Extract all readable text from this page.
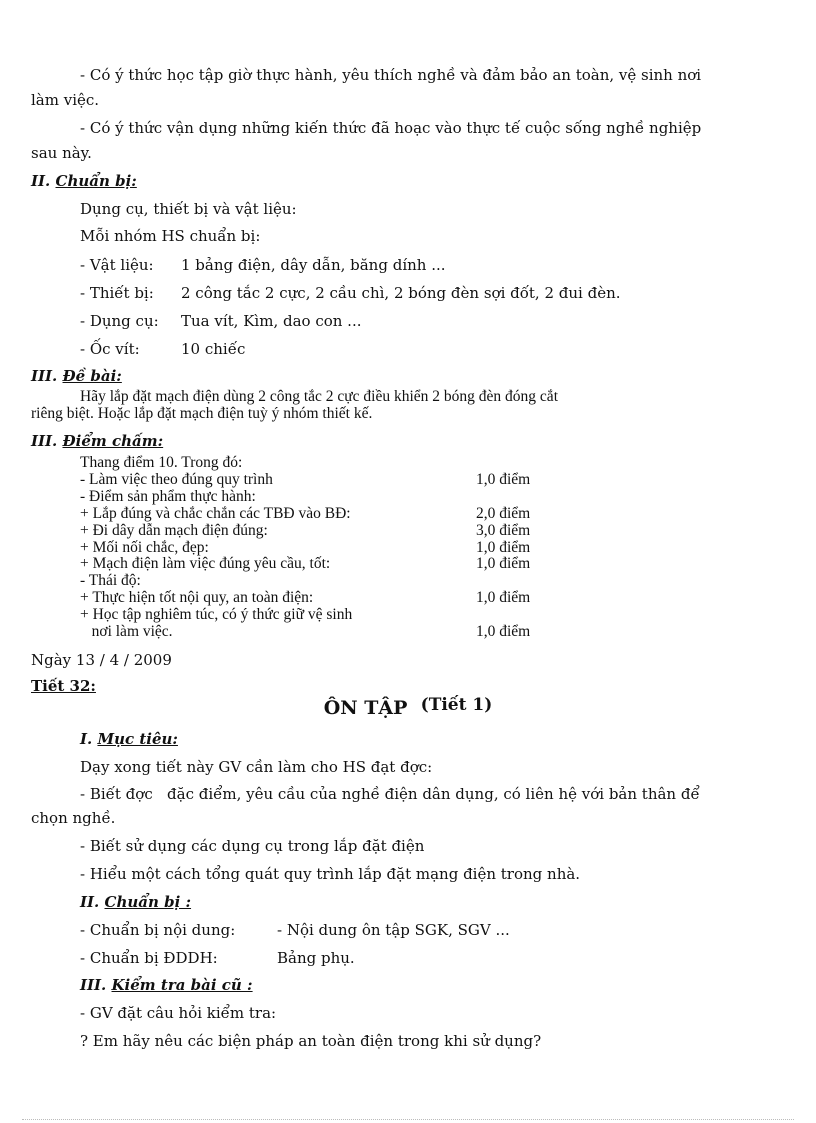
- Có ý thức học tập giờ thực hành, yêu thích nghề và đảm bảo an toàn, vệ sinh nơi
làm việc.
- Có ý thức vận dụng những kiến thức đã hoạc vào thực tế cuộc sống nghề nghiệp
sau này.
II. Chuẩn bị:
Dụng cụ, thiết bị và vật liệu:
Mỗi nhóm HS chuẩn bị:
- Vật liệu: 1 bảng điện, dây dẫn, băng dính ...
- Thiết bị: 2 công tắc 2 cực, 2 cầu chì, 2 bóng đèn sợi đốt, 2 đui đèn.
- Dụng cụ: Tua vít, Kìm, dao con ...
- Ốc vít:	10 chiếc
III. Đề bài:
Hãy lắp đặt mạch điện dùng 2 công tắc 2 cực điều khiển 2 bóng đèn đóng cắt
riêng biệt. Hoặc lắp đặt mạch điện tuỳ ý nhóm thiết kế.
III. Điểm chấm:
Thang điểm 10. Trong đó:
- Làm việc theo đúng quy trình	1,0 điểm
- Điểm sản phẩm thực hành:
+ Lắp đúng và chắc chắn các TBĐ vào BĐ:	2,0 điểm
+ Đi dây dẫn mạch điện đúng:	3,0 điểm
+ Mối nối chắc, đẹp:	1,0 điểm
+ Mạch điện làm việc đúng yêu cầu, tốt:	1,0 điểm
- Thái độ:
+ Thực hiện tốt nội quy, an toàn điện:	1,0 điểm
+ Học tập nghiêm túc, có ý thức giữ vệ sinh
nơi làm việc.	1,0 điểm
Ngày 13 / 4 / 2009
Tiết 32:
ÔN TẬP (Tiết 1)
I. Mục tiêu:
Dạy xong tiết này GV cần làm cho HS đạt đợc:
- Biết đợc   đặc điểm, yêu cầu của nghề điện dân dụng, có liên hệ với bản thân để
chọn nghề.
- Biết sử dụng các dụng cụ trong lắp đặt điện
- Hiểu một cách tổng quát quy trình lắp đặt mạng điện trong nhà.
II. Chuẩn bị :
- Chuẩn bị nội dung:	- Nội dung ôn tập SGK, SGV ...
- Chuẩn bị ĐDDH:	Bảng phụ.
III. Kiểm tra bài cũ :
- GV đặt câu hỏi kiểm tra:
? Em hãy nêu các biện pháp an toàn điện trong khi sử dụng?
